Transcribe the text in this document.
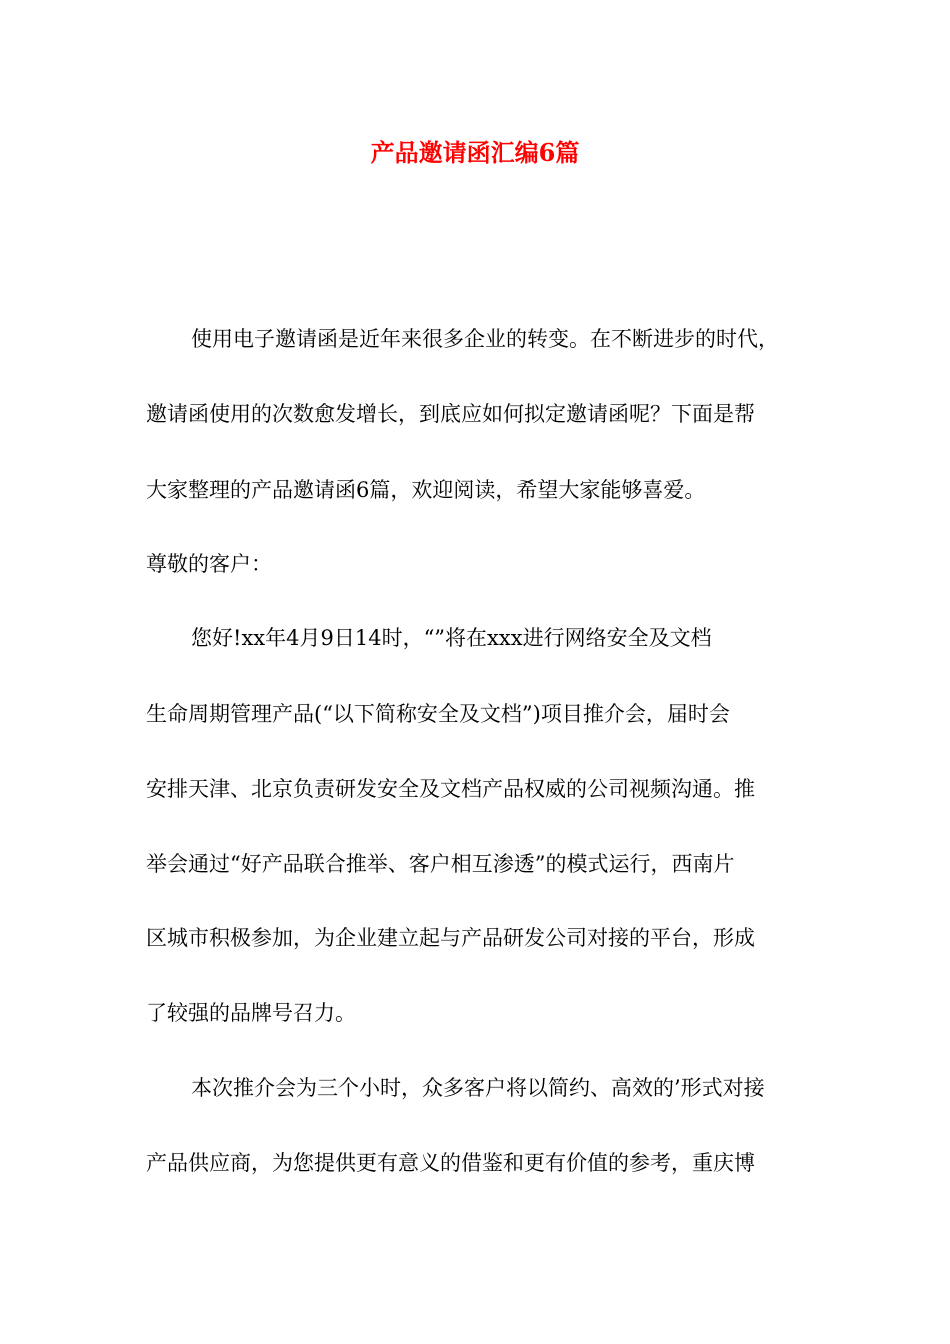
产品邀请函汇编6篇

使用电子邀请函是近年来很多企业的转变。在不断进步的时代，

邀请函使用的次数愈发增长，到底应如何拟定邀请函呢？下面是帮

大家整理的产品邀请函6篇，欢迎阅读，希望大家能够喜爱。

尊敬的客户：

您好!xx年4月9日14时，“”将在xxx进行网络安全及文档

生命周期管理产品(“以下简称安全及文档”)项目推介会，届时会

安排天津、北京负责研发安全及文档产品权威的公司视频沟通。推

举会通过“好产品联合推举、客户相互渗透”的模式运行，西南片

区城市积极参加，为企业建立起与产品研发公司对接的平台，形成

了较强的品牌号召力。

本次推介会为三个小时，众多客户将以简约、高效的’形式对接

产品供应商，为您提供更有意义的借鉴和更有价值的参考，重庆博
